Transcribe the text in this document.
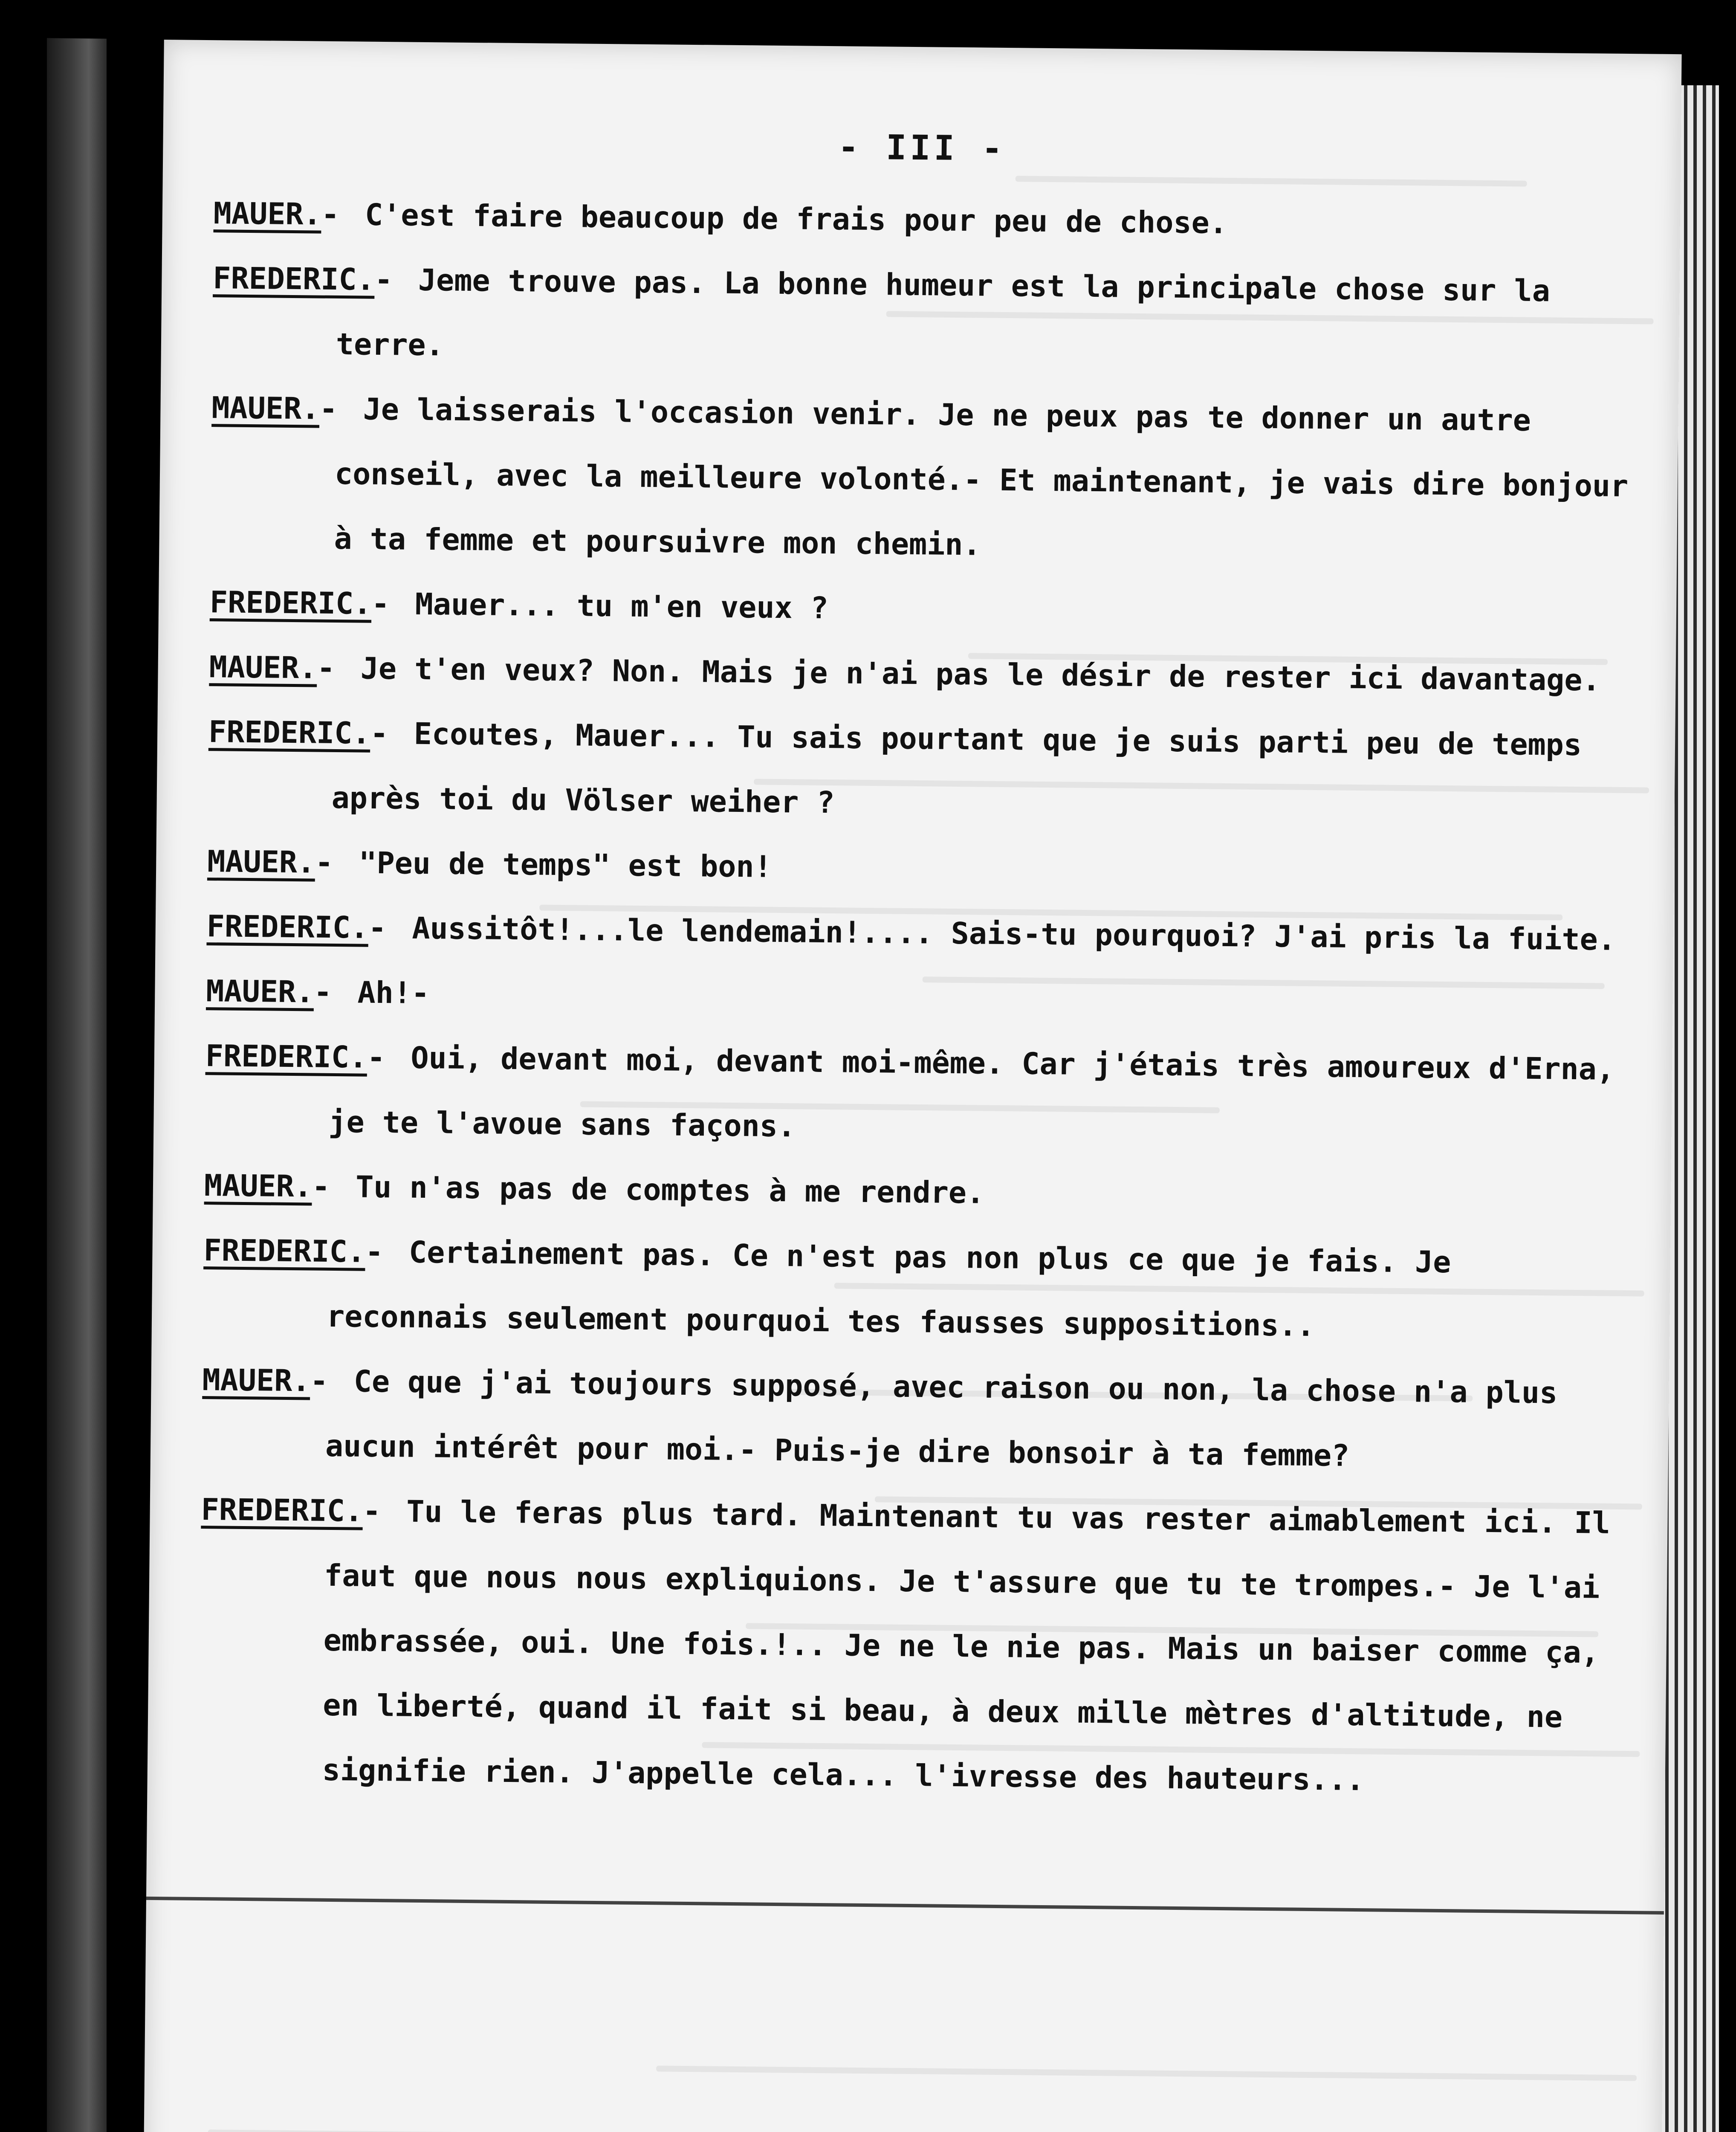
- III -

MAUER.- C'est faire beaucoup de frais pour peu de chose.

FREDERIC.- Jeme trouve pas. La bonne humeur est la principale chose sur la terre.

MAUER.- Je laisserais l'occasion venir. Je ne peux pas te donner un autre conseil, avec la meilleure volonté.- Et maintenant, je vais dire bonjour à ta femme et poursuivre mon chemin.

FREDERIC.- Mauer... tu m'en veux ?

MAUER.- Je t'en veux? Non. Mais je n'ai pas le désir de rester ici davantage.

FREDERIC.- Ecoutes, Mauer... Tu sais pourtant que je suis parti peu de temps après toi du Völser weiher ?

MAUER.- "Peu de temps" est bon!

FREDERIC.- Aussitôt!...le lendemain!.... Sais-tu pourquoi? J'ai pris la fuite.

MAUER.- Ah!-

FREDERIC.- Oui, devant moi, devant moi-même. Car j'étais très amoureux d'Erna, je te l'avoue sans façons.

MAUER.- Tu n'as pas de comptes à me rendre.

FREDERIC.- Certainement pas. Ce n'est pas non plus ce que je fais. Je reconnais seulement pourquoi tes fausses suppositions..

MAUER.- Ce que j'ai toujours supposé, avec raison ou non, la chose n'a plus aucun intérêt pour moi.- Puis-je dire bonsoir à ta femme?

FREDERIC.- Tu le feras plus tard. Maintenant tu vas rester aimablement ici. Il faut que nous nous expliquions. Je t'assure que tu te trompes.- Je l'ai embrassée, oui. Une fois.!.. Je ne le nie pas. Mais un baiser comme ça, en liberté, quand il fait si beau, à deux mille mètres d'altitude, ne signifie rien. J'appelle cela... l'ivresse des hauteurs...
